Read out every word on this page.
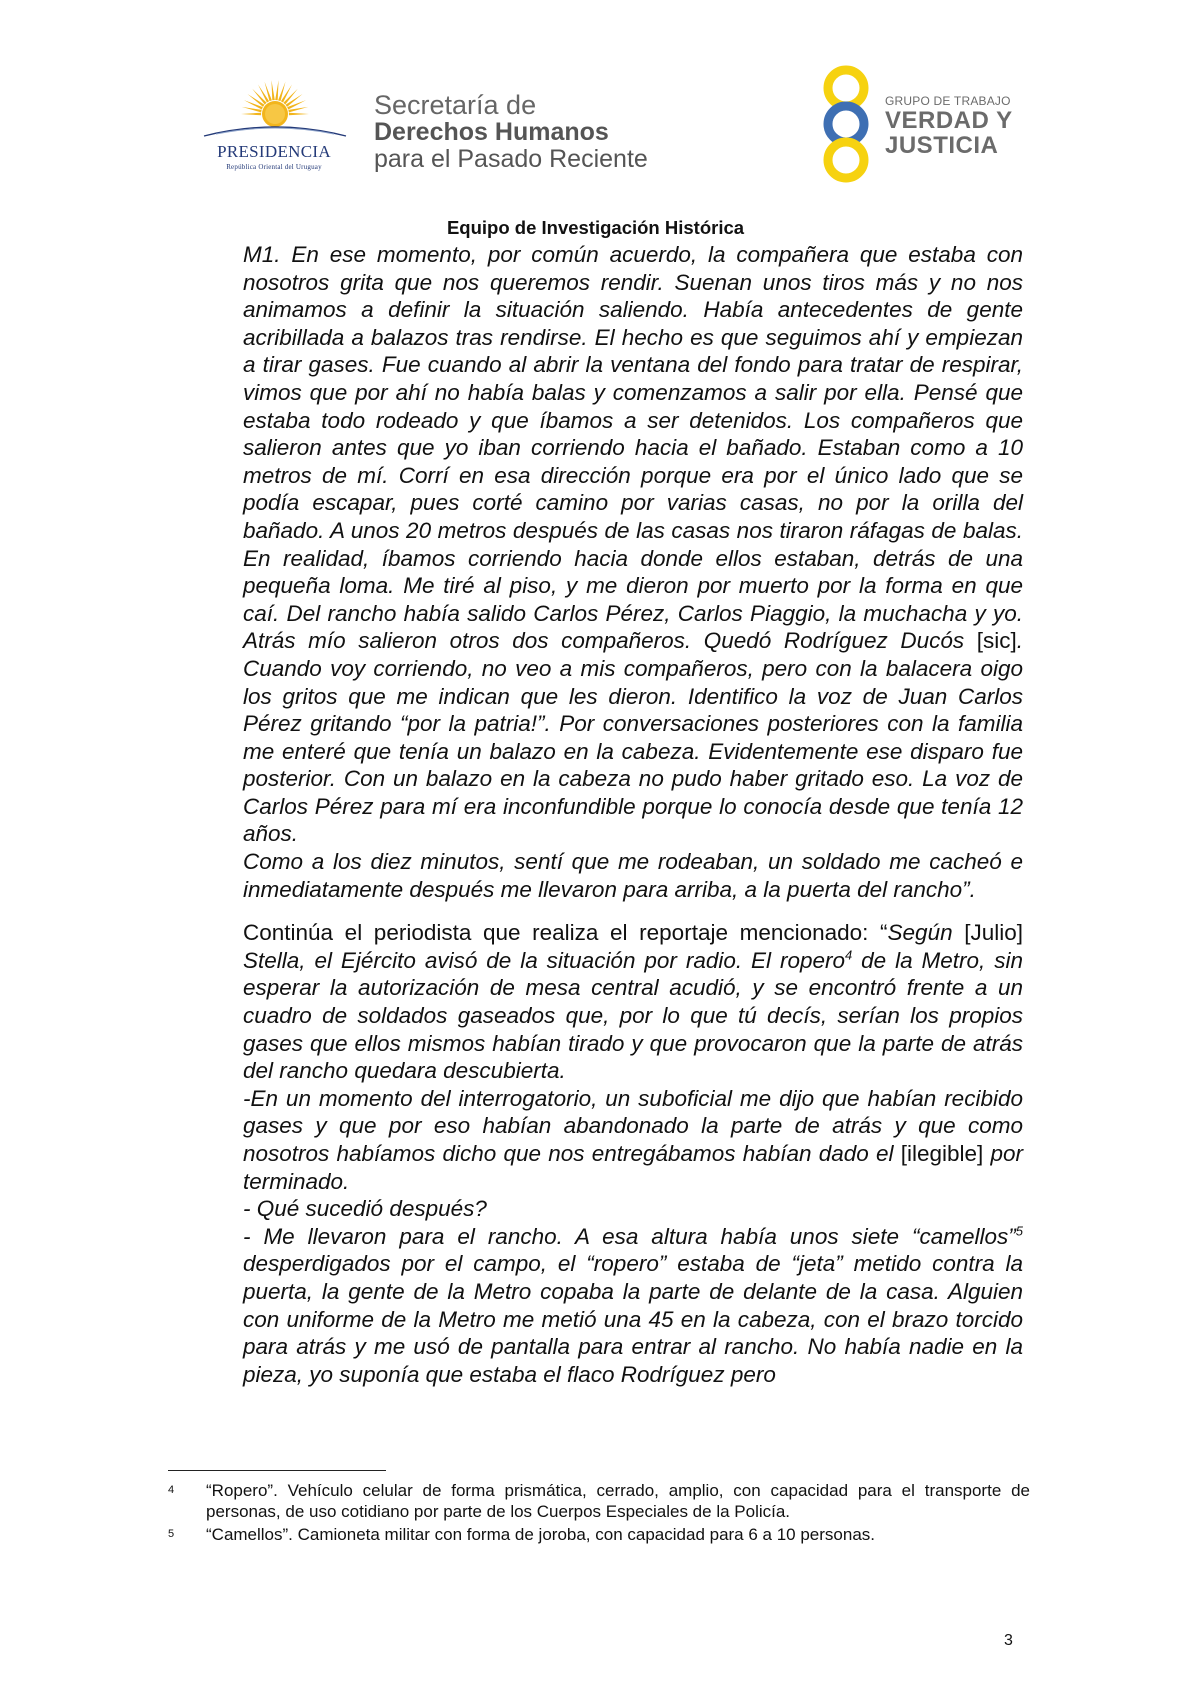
PRESIDENCIA
República Oriental del Uruguay
Secretaría de
Derechos Humanos
para el Pasado Reciente
GRUPO DE TRABAJO
VERDAD Y
JUSTICIA
Equipo de Investigación Histórica

M1. En ese momento, por común acuerdo, la compañera que estaba con nosotros grita que nos queremos rendir. Suenan unos tiros más y no nos animamos a definir la situación saliendo. Había antecedentes de gente acribillada a balazos tras rendirse. El hecho es que seguimos ahí y empiezan a tirar gases. Fue cuando al abrir la ventana del fondo para tratar de respirar, vimos que por ahí no había balas y comenzamos a salir por ella. Pensé que estaba todo rodeado y que íbamos a ser detenidos. Los compañeros que salieron antes que yo iban corriendo hacia el bañado. Estaban como a 10 metros de mí. Corrí en esa dirección porque era por el único lado que se podía escapar, pues corté camino por varias casas, no por la orilla del bañado. A unos 20 metros después de las casas nos tiraron ráfagas de balas. En realidad, íbamos corriendo hacia donde ellos estaban, detrás de una pequeña loma. Me tiré al piso, y me dieron por muerto por la forma en que caí. Del rancho había salido Carlos Pérez, Carlos Piaggio, la muchacha y yo. Atrás mío salieron otros dos compañeros. Quedó Rodríguez Ducós [sic]. Cuando voy corriendo, no veo a mis compañeros, pero con la balacera oigo los gritos que me indican que les dieron. Identifico la voz de Juan Carlos Pérez gritando “por la patria!”. Por conversaciones posteriores con la familia me enteré que tenía un balazo en la cabeza. Evidentemente ese disparo fue posterior. Con un balazo en la cabeza no pudo haber gritado eso. La voz de Carlos Pérez para mí era inconfundible porque lo conocía desde que tenía 12 años.

Como a los diez minutos, sentí que me rodeaban, un soldado me cacheó e inmediatamente después me llevaron para arriba, a la puerta del rancho”.

Continúa el periodista que realiza el reportaje mencionado: “Según [Julio] Stella, el Ejército avisó de la situación por radio. El ropero$^4$ de la Metro, sin esperar la autorización de mesa central acudió, y se encontró frente a un cuadro de soldados gaseados que, por lo que tú decís, serían los propios gases que ellos mismos habían tirado y que provocaron que la parte de atrás del rancho quedara descubierta.

-En un momento del interrogatorio, un suboficial me dijo que habían recibido gases y que por eso habían abandonado la parte de atrás y que como nosotros habíamos dicho que nos entregábamos habían dado el [ilegible] por terminado.

- Qué sucedió después?

- Me llevaron para el rancho. A esa altura había unos siete “camellos”$^5$ desperdigados por el campo, el “ropero” estaba de “jeta” metido contra la puerta, la gente de la Metro copaba la parte de delante de la casa. Alguien con uniforme de la Metro me metió una 45 en la cabeza, con el brazo torcido para atrás y me usó de pantalla para entrar al rancho. No había nadie en la pieza, yo suponía que estaba el flaco Rodríguez pero

4 “Ropero”. Vehículo celular de forma prismática, cerrado, amplio, con capacidad para el transporte de personas, de uso cotidiano por parte de los Cuerpos Especiales de la Policía.
5 “Camellos”. Camioneta militar con forma de joroba, con capacidad para 6 a 10 personas.
3
